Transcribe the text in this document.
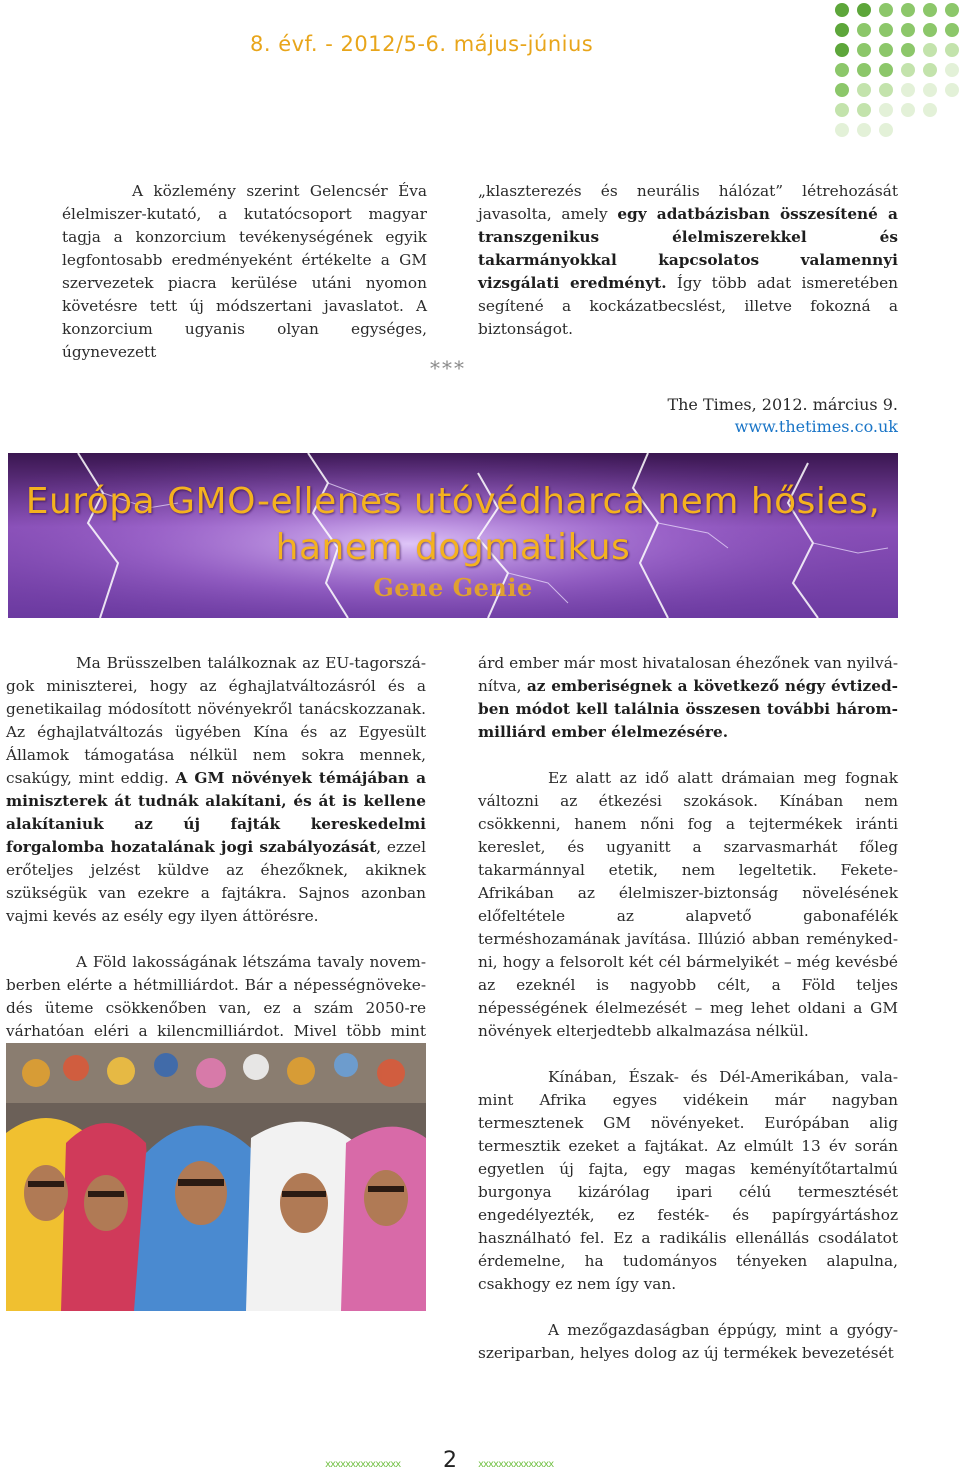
8. évf. - 2012/5-6. május-június

A közlemény szerint Gelencsér Éva élelmiszer-kutató, a kutatócsoport magyar tagja a konzorcium tevékenységének egyik legfontosabb eredményeként értékelte a GM szervezetek piacra kerülése utáni nyomon követésre tett új módszertani javaslatot. A konzorcium ugyanis olyan egységes, úgynevezett

„klaszterezés és neurális hálózat” létrehozását javasolta, amely egy adatbázisban összesítené a transzgenikus élelmiszerekkel és takarmányokkal kapcsolatos valamennyi vizsgálati eredményt. Így több adat ismeretében segítené a kockázatbecslést, illetve fokozná a biztonságot.

***
The Times, 2012. március 9.
www.thetimes.co.uk
Európa GMO-ellenes utóvédharca nem hősies,
hanem dogmatikus
Gene Genie

Ma Brüsszelben találkoznak az EU-tagországok miniszterei, hogy az éghajlatváltozásról és a genetikailag módosított növényekről tanácskozzanak. Az éghajlatváltozás ügyében Kína és az Egyesült Államok támogatása nélkül nem sokra mennek, csakúgy, mint eddig. A GM növények témájában a miniszterek át tudnák alakítani, és át is kellene alakítaniuk az új fajták kereskedelmi forgalomba hozatalának jogi szabályozását, ezzel erőteljes jelzést küldve az éhezőknek, akiknek szükségük van ezekre a fajtákra. Sajnos azonban vajmi kevés az esély egy ilyen áttörésre.

A Föld lakosságának létszáma tavaly novemberben elérte a hétmilliárdot. Bár a népességnövekedés üteme csökkenőben van, ez a szám 2050-re várhatóan eléri a kilencmilliárdot. Mivel több mint

árd ember már most hivatalosan éhezőnek van nyilvánítva, az emberiségnek a következő négy évtizedben módot kell találnia összesen további hárommilliárd ember élelmezésére.

Ez alatt az idő alatt drámaian meg fognak változni az étkezési szokások. Kínában nem csökkenni, hanem nőni fog a tejtermékek iránti kereslet, és ugyanitt a szarvasmarhát főleg takarmánnyal etetik, nem legeltetik. Fekete-Afrikában az élelmiszer-biztonság növelésének előfeltétele az alapvető gabonafélék terméshozamának javítása. Illúzió abban reménykedni, hogy a felsorolt két cél bármelyikét – még kevésbé az ezeknél is nagyobb célt, a Föld teljes népességének élelmezését – meg lehet oldani a GM növények elterjedtebb alkalmazása nélkül.

Kínában, Észak- és Dél-Amerikában, valamint Afrika egyes vidékein már nagyban termesztenek GM növényeket. Európában alig termesztik ezeket a fajtákat. Az elmúlt 13 év során egyetlen új fajta, egy magas keményítőtartalmú burgonya kizárólag ipari célú termesztését engedélyezték, ez festék- és papírgyártáshoz használható fel. Ez a radikális ellenállás csodálatot érdemelne, ha tudományos tényeken alapulna, csakhogy ez nem így van.

A mezőgazdaságban éppúgy, mint a gyógyszeriparban, helyes dolog az új termékek bevezetését

xxxxxxxxxxxxxxx 2 xxxxxxxxxxxxxxx
